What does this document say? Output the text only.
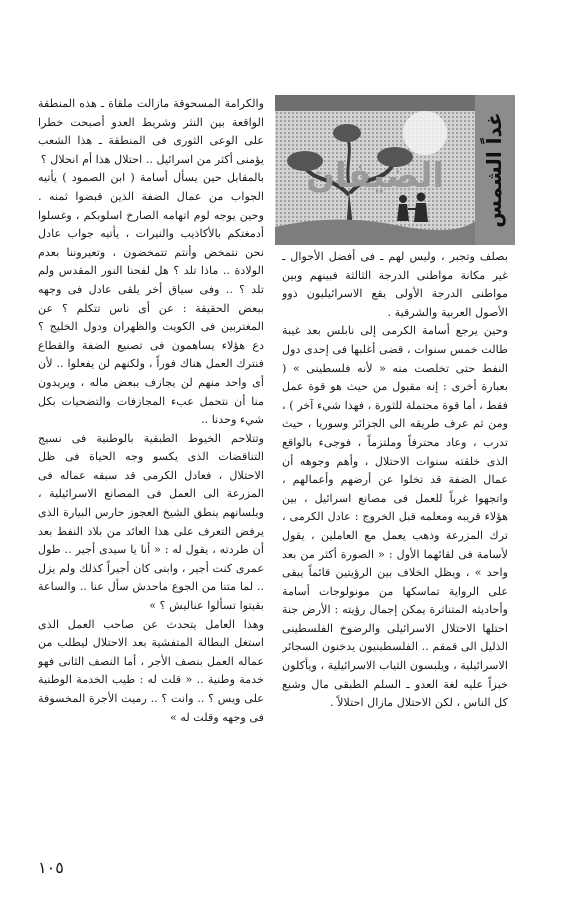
الضيفان غداً الشمس

والكرامة المسحوقة مازالت ملقاة ـ هذه المنطقة الواقعة بين النثر وشريط العدو أصبحت خطرا على الوعى الثورى فى المنطقة ـ هذا الشعب يؤمنى أكثر من اسرائيل .. احتلال هذا أم انحلال ؟

بالمقابل حين يسأل أسامة ( ابن الصمود ) يأتيه الجواب من عمال الضفة الذين قبضوا ثمنه . وحين يوجه لوم اتهامه الصارخ اسلوبكم ، وغسلوا أدمغتكم بالأكاذيب والنيرات ، يأتيه جواب عادل نحن نتمخض وأنتم تتمخضون ، وتعيروننا بعدم الولادة .. ماذا تلد ؟ هل لفحنا النور المقدس ولم تلد ؟ .. وفى سياق أخر يلقى عادل فى وجهه ببعض الحقيقة : عن أى ناس تتكلم ؟ عن المغتربين فى الكويت والظهران ودول الخليج ؟ دع هؤلاء يساهمون فى تصنيع الضفة والقطاع فنترك العمل هناك فوراً ، ولكنهم لن يفعلوا .. لأن أى واحد منهم لن يجازف ببعض ماله ، ويريدون منا أن نتحمل عبء المجازفات والتضحيات بكل شيء وحدنا ..

وتتلاحم الخيوط الطبقية بالوطنية فى نسيج التناقضات الذى يكسو وجه الحياة فى ظل الاحتلال ، فعادل الكرمى قد سبقه عماله فى المزرعة الى العمل فى المصانع الاسرائيلية ، وبلسانهم ينطق الشيخ العجوز حارس البيارة الذى يرفض التعرف على هذا العائد من بلاد النفط بعد أن طردته ، يقول له : « أنا يا سيدى أجير .. طول عمرى كنت أجير ، وابنى كان أجيراً كذلك ولم يزل .. لما متنا من الجوع ماحدش سأل عنا .. والساعة بقيتوا تسألوا عناليش ؟ »

وهذا العامل يتحدث عن صاحب العمل الذى استغل البطالة المتفشية بعد الاحتلال ليطلب من عماله العمل بنصف الأجر ، أما النصف الثانى فهو خدمة وطنية .. « قلت له : طيب الخدمة الوطنية على ويس ؟ .. وانت ؟ .. رميت الأجرة المخسوفة فى وجهه وقلت له »

بصلف وتجبر ، وليس لهم ـ فى أفضل الأحوال ـ غير مكانة مواطنى الدرجة الثالثة فبينهم وبين مواطنى الدرجة الأولى يقع الاسرائيليون ذوو الأصول العربية والشرقية .

وحين يرجع أسامة الكرمى إلى نابلس بعد غيبة طالت خمس سنوات ، قضى أغلبها فى إحدى دول النفط حتى تخلصت منه « لأنه فلسطينى » ( بعبارة أخرى : إنه مقبول من حيث هو قوة عمل فقط ، أما قوة محتملة للثورة ، فهذا شيء آخر ) ، ومن ثم عرف طريقه الى الجزائر وسوريا ، حيث تدرب ، وعاد محترفاً وملتزماً ، فوجىء بالواقع الذى خلقته سنوات الاحتلال ، وأهم وجوهه أن عمال الضفة قد تخلوا عن أرضهم وأعمالهم ، واتجهوا غرباً للعمل فى مصانع اسرائيل ، بين هؤلاء قريبه ومعلمه قبل الخروج : عادل الكرمى ، ترك المزرعة وذهب يعمل مع العاملين ، يقول لأسامة فى لقائهما الأول : « الصورة أكثر من بعد واحد » ، ويظل الخلاف بين الرؤيتين قائماً يبقى على الرواية تماسكها من مونولوجات أسامة وأحاديثه المتناثرة يمكن إجمال رؤيته : الأرض جنة احتلها الاحتلال الاسرائيلى والرضوخ الفلسطينى الذليل الى قمقم .. الفلسطينيون يدخنون السجائر الاسرائيلية ، ويلبسون الثياب الاسرائيلية ، ويأكلون خبزاً عليه لغة العدو ـ السلم الطبقى مال وشبع كل الناس ، لكن الاحتلال مازال احتلالاً .

١٠٥
